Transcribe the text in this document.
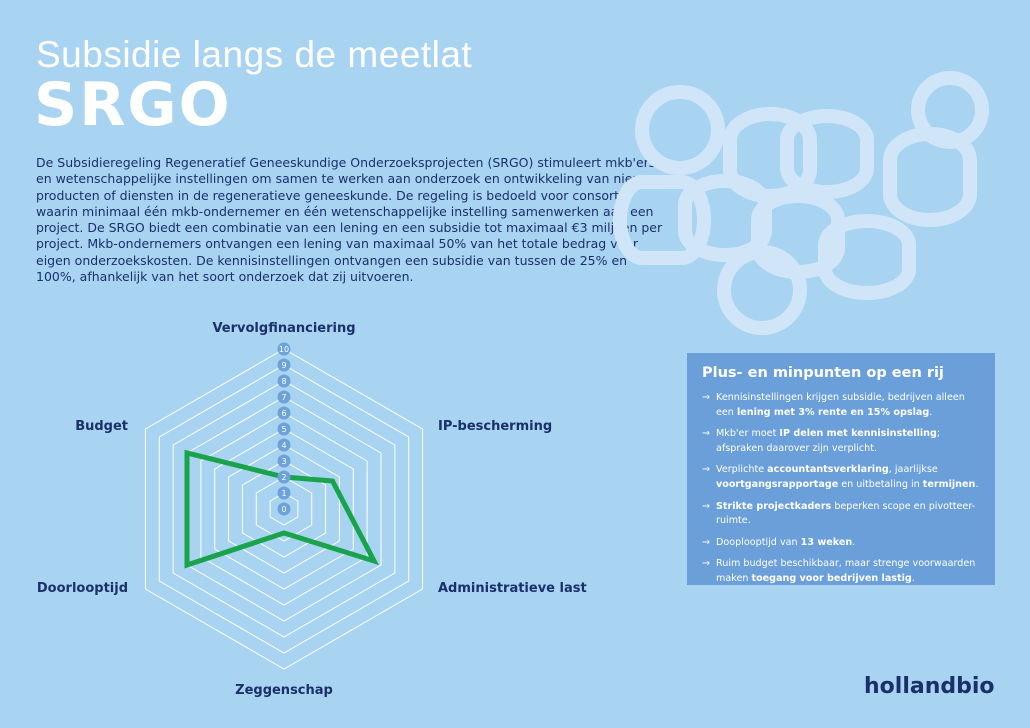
Subsidie langs de meetlat
SRGO
De Subsidieregeling Regeneratief Geneeskundige Onderzoeksprojecten (SRGO) stimuleert mkb'ers en wetenschappelijke instellingen om samen te werken aan onderzoek en ontwikkeling van nieuwe producten of diensten in de regeneratieve geneeskunde. De regeling is bedoeld voor consortia waarin minimaal één mkb-ondernemer en één wetenschappelijke instelling samenwerken aan een project. De SRGO biedt een combinatie van een lening en een subsidie tot maximaal €3 miljoen per project. Mkb-ondernemers ontvangen een lening van maximaal 50% van het totale bedrag voor eigen onderzoekskosten. De kennisinstellingen ontvangen een subsidie van tussen de 25% en 100%, afhankelijk van het soort onderzoek dat zij uitvoeren.
0
1
2
3
4
5
6
7
8
9
10
Vervolgfinanciering
IP-bescherming
Administratieve last
Zeggenschap
Doorlooptijd
Budget
Plus- en minpunten op een rij
→ Kennisinstellingen krijgen subsidie, bedrijven alleen een lening met 3% rente en 15% opslag.
→ Mkb'er moet IP delen met kennisinstelling; afspraken daarover zijn verplicht.
→ Verplichte accountantsverklaring, jaarlijkse voortgangsrapportage en uitbetaling in termijnen.
→ Strikte projectkaders beperken scope en pivotteer-ruimte.
→ Dooplooptijd van 13 weken.
→ Ruim budget beschikbaar, maar strenge voorwaarden maken toegang voor bedrijven lastig.
hollandbio
